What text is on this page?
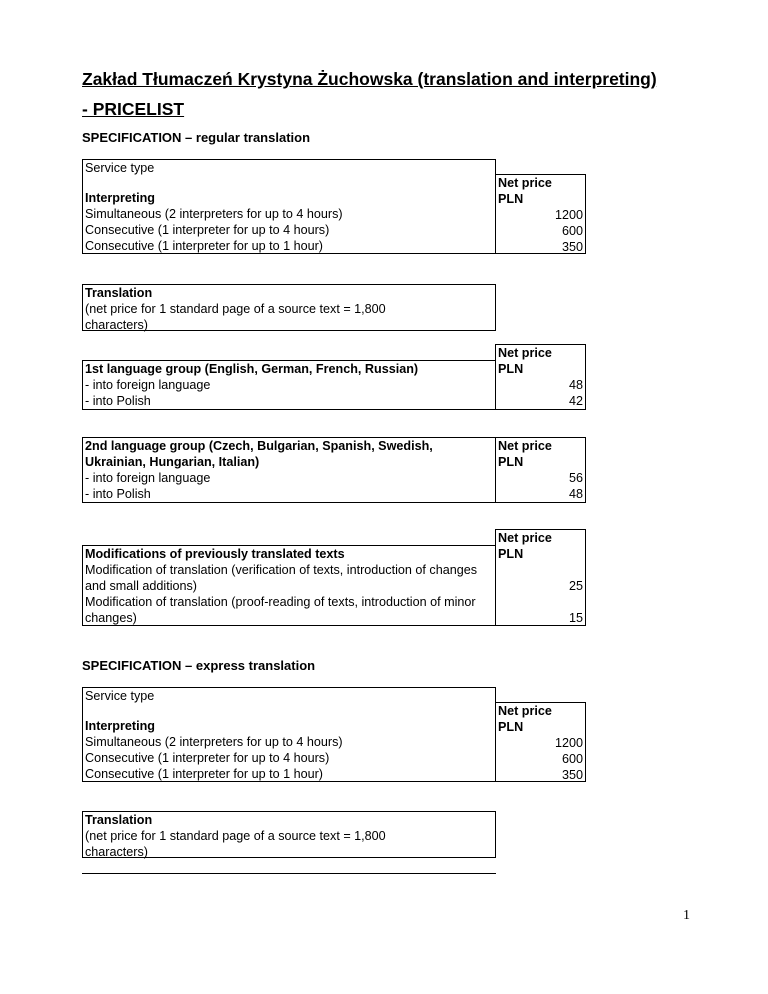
Zakład Tłumaczeń Krystyna Żuchowska (translation and interpreting)
- PRICELIST

SPECIFICATION – regular translation

Service type
Interpreting
Simultaneous (2 interpreters for up to 4 hours)
Consecutive (1 interpreter for up to 4 hours)
Consecutive (1 interpreter for up to 1 hour)
Net price
PLN
1200
600
350
Translation
(net price for 1 standard page of a source text = 1,800 characters)
1st language group (English, German, French, Russian)
- into foreign language
- into Polish
Net price
PLN
48
42
2nd language group (Czech, Bulgarian, Spanish, Swedish, Ukrainian, Hungarian, Italian)
- into foreign language
- into Polish
Net price
PLN
56
48
Modifications of previously translated texts
Modification of translation (verification of texts, introduction of changes and small additions)
Modification of translation (proof-reading of texts, introduction of minor changes)
Net price
PLN
25
15

SPECIFICATION – express translation

Service type
Interpreting
Simultaneous (2 interpreters for up to 4 hours)
Consecutive (1 interpreter for up to 4 hours)
Consecutive (1 interpreter for up to 1 hour)
Net price
PLN
1200
600
350
Translation
(net price for 1 standard page of a source text = 1,800 characters)
1
